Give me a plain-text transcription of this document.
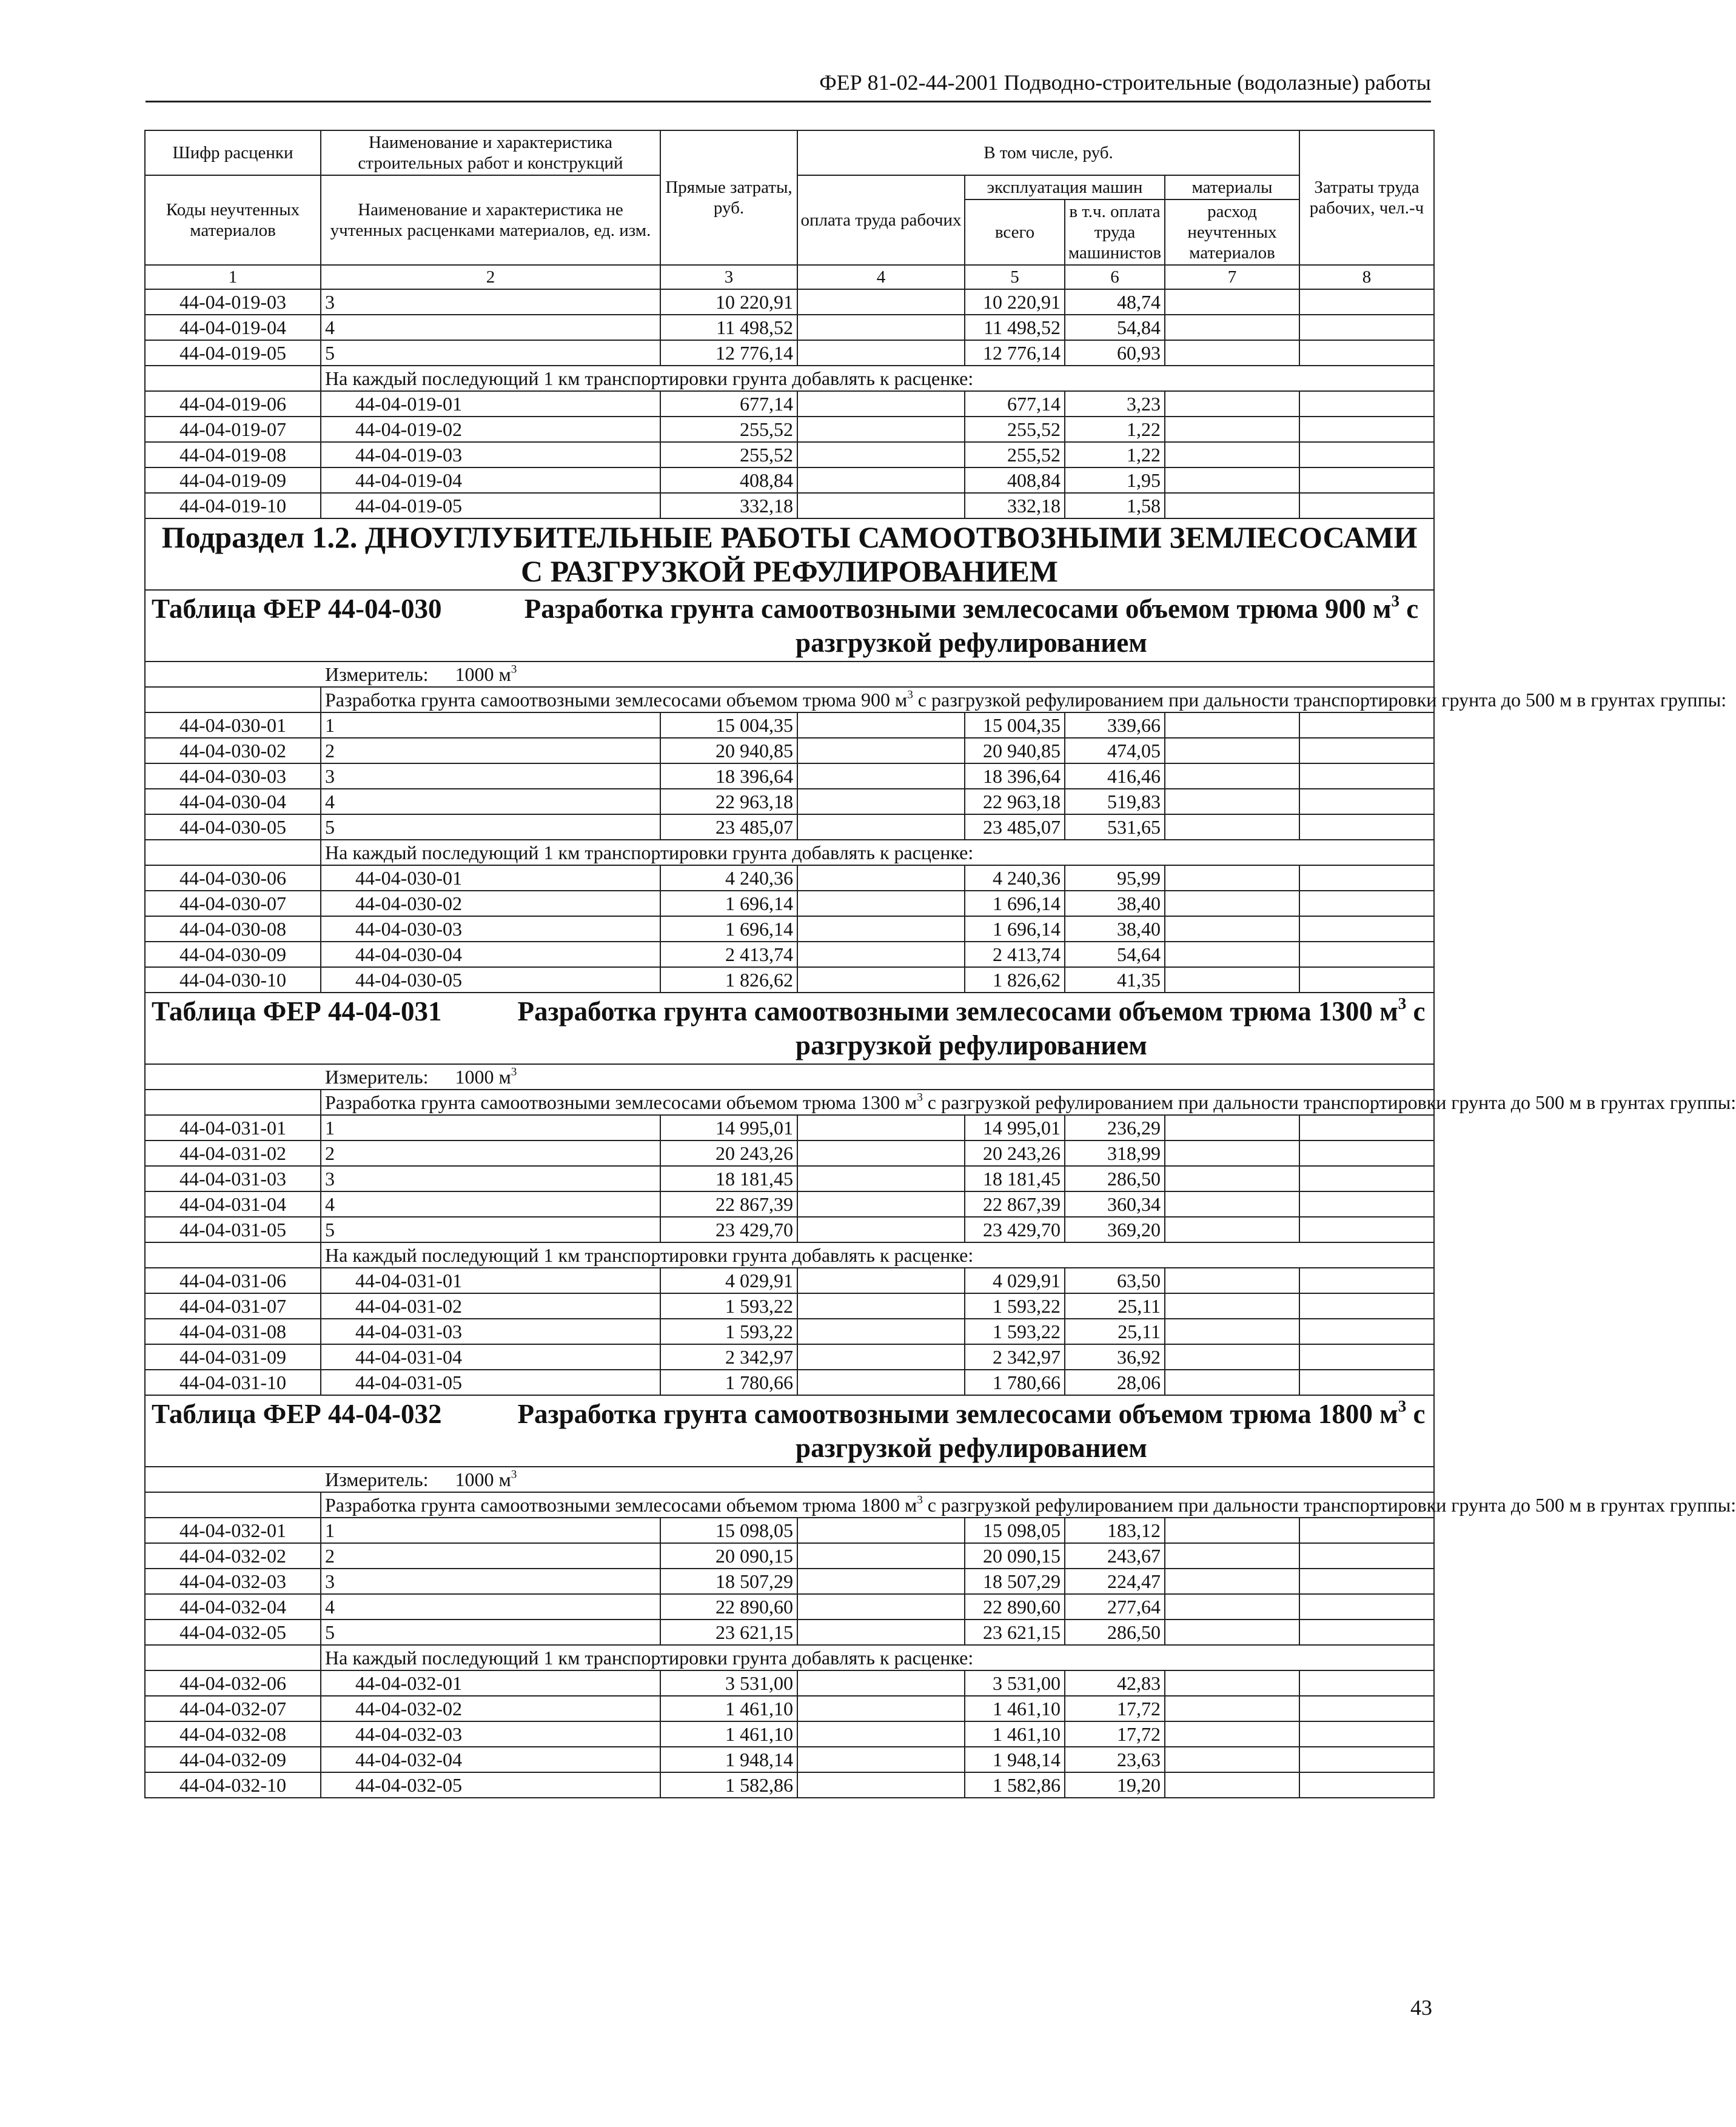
ФЕР 81-02-44-2001 Подводно-строительные (водолазные) работы
Шифр расценки	Наименование и характеристика строительных работ и конструкций	Прямые затраты, руб.	В том числе, руб.				Затраты труда рабочих, чел.-ч
Коды неучтенных материалов	Наименование и характеристика не учтенных расценками материалов, ед. изм.		оплата труда рабочих	эксплуатация машин		материалы	
				всего	в т.ч. оплата труда машинистов	расход неучтенных материалов	

1	2	3	4	5	6	7	8
44-04-019-03	3	10 220,91		10 220,91	48,74		
44-04-019-04	4	11 498,52		11 498,52	54,84		
44-04-019-05	5	12 776,14		12 776,14	60,93		
	На каждый последующий 1 км транспортировки грунта добавлять к расценке:						
44-04-019-06	44-04-019-01	677,14		677,14	3,23		
44-04-019-07	44-04-019-02	255,52		255,52	1,22		
44-04-019-08	44-04-019-03	255,52		255,52	1,22		
44-04-019-09	44-04-019-04	408,84		408,84	1,95		
44-04-019-10	44-04-019-05	332,18		332,18	1,58		
Подраздел 1.2. ДНОУГЛУБИТЕЛЬНЫЕ РАБОТЫ САМООТВОЗНЫМИ ЗЕМЛЕСОСАМИ С РАЗГРУЗКОЙ РЕФУЛИРОВАНИЕМ							

Таблица ФЕР 44-04-030 Разработка грунта самоотвозными землесосами объемом трюма 900 $м^3$ с разгрузкой рефулированием							

Измеритель: 1000 $м^3$

	Разработка грунта самоотвозными землесосами объемом трюма 900 $м^3$ с разгрузкой рефулированием при дальности транспортировки грунта до 500 м в грунтах группы:						
44-04-030-01	1	15 004,35		15 004,35	339,66		
44-04-030-02	2	20 940,85		20 940,85	474,05		
44-04-030-03	3	18 396,64		18 396,64	416,46		
44-04-030-04	4	22 963,18		22 963,18	519,83		
44-04-030-05	5	23 485,07		23 485,07	531,65		
	На каждый последующий 1 км транспортировки грунта добавлять к расценке:						
44-04-030-06	44-04-030-01	4 240,36		4 240,36	95,99		
44-04-030-07	44-04-030-02	1 696,14		1 696,14	38,40		
44-04-030-08	44-04-030-03	1 696,14		1 696,14	38,40		
44-04-030-09	44-04-030-04	2 413,74		2 413,74	54,64		
44-04-030-10	44-04-030-05	1 826,62		1 826,62	41,35		

Таблица ФЕР 44-04-031 Разработка грунта самоотвозными землесосами объемом трюма 1300 $м^3$ с разгрузкой рефулированием							

Измеритель: 1000 $м^3$

	Разработка грунта самоотвозными землесосами объемом трюма 1300 $м^3$ с разгрузкой рефулированием при дальности транспортировки грунта до 500 м в грунтах группы:						
44-04-031-01	1	14 995,01		14 995,01	236,29		
44-04-031-02	2	20 243,26		20 243,26	318,99		
44-04-031-03	3	18 181,45		18 181,45	286,50		
44-04-031-04	4	22 867,39		22 867,39	360,34		
44-04-031-05	5	23 429,70		23 429,70	369,20		
	На каждый последующий 1 км транспортировки грунта добавлять к расценке:						
44-04-031-06	44-04-031-01	4 029,91		4 029,91	63,50		
44-04-031-07	44-04-031-02	1 593,22		1 593,22	25,11		
44-04-031-08	44-04-031-03	1 593,22		1 593,22	25,11		
44-04-031-09	44-04-031-04	2 342,97		2 342,97	36,92		
44-04-031-10	44-04-031-05	1 780,66		1 780,66	28,06		

Таблица ФЕР 44-04-032 Разработка грунта самоотвозными землесосами объемом трюма 1800 $м^3$ с разгрузкой рефулированием							

Измеритель: 1000 $м^3$

	Разработка грунта самоотвозными землесосами объемом трюма 1800 $м^3$ с разгрузкой рефулированием при дальности транспортировки грунта до 500 м в грунтах группы:						
44-04-032-01	1	15 098,05		15 098,05	183,12		
44-04-032-02	2	20 090,15		20 090,15	243,67		
44-04-032-03	3	18 507,29		18 507,29	224,47		
44-04-032-04	4	22 890,60		22 890,60	277,64		
44-04-032-05	5	23 621,15		23 621,15	286,50		
	На каждый последующий 1 км транспортировки грунта добавлять к расценке:						
44-04-032-06	44-04-032-01	3 531,00		3 531,00	42,83		
44-04-032-07	44-04-032-02	1 461,10		1 461,10	17,72		
44-04-032-08	44-04-032-03	1 461,10		1 461,10	17,72		
44-04-032-09	44-04-032-04	1 948,14		1 948,14	23,63		
44-04-032-10	44-04-032-05	1 582,86		1 582,86	19,20		
43
